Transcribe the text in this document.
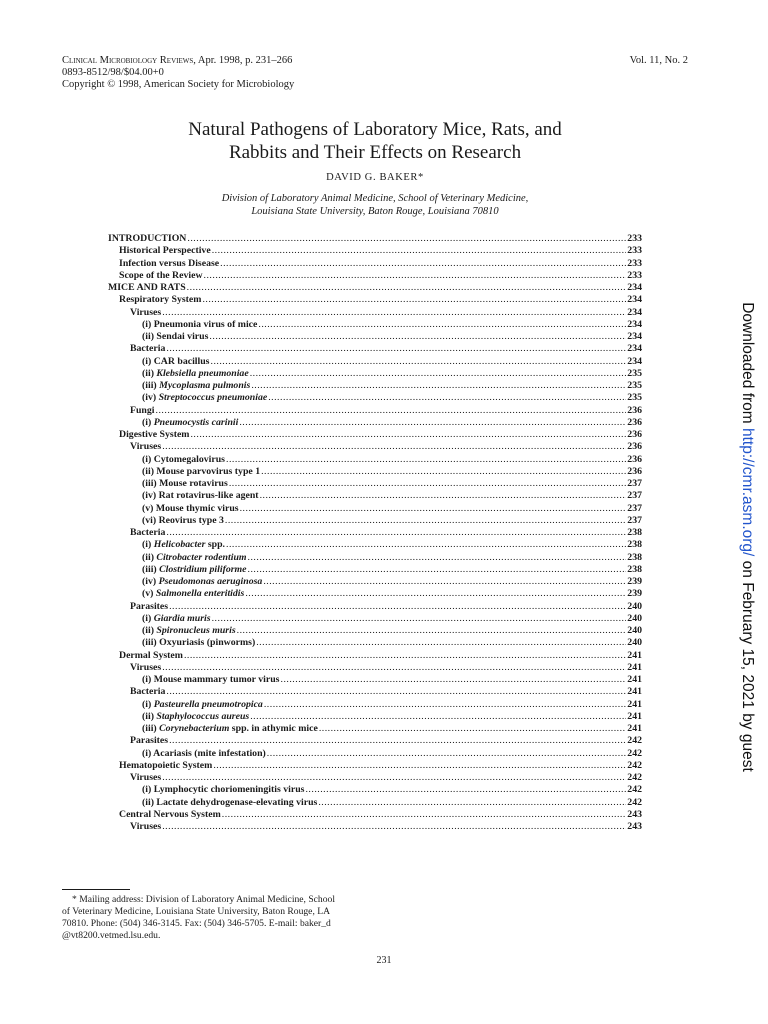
Clinical Microbiology Reviews, Apr. 1998, p. 231–266
0893-8512/98/$04.00+0
Copyright © 1998, American Society for Microbiology
Vol. 11, No. 2
Natural Pathogens of Laboratory Mice, Rats, and
Rabbits and Their Effects on Research
DAVID G. BAKER*
Division of Laboratory Animal Medicine, School of Veterinary Medicine,
Louisiana State University, Baton Rouge, Louisiana 70810
INTRODUCTION .....	233
Historical Perspective .....	233
Infection versus Disease .....	233
Scope of the Review .....	233
MICE AND RATS .....	234
Respiratory System .....	234
Viruses .....	234
(i) Pneumonia virus of mice .....	234
(ii) Sendai virus .....	234
Bacteria .....	234
(i) CAR bacillus .....	234
(ii) Klebsiella pneumoniae .....	235
(iii) Mycoplasma pulmonis .....	235
(iv) Streptococcus pneumoniae .....	235
Fungi .....	236
(i) Pneumocystis carinii .....	236
Digestive System .....	236
Viruses .....	236
(i) Cytomegalovirus .....	236
(ii) Mouse parvovirus type 1 .....	236
(iii) Mouse rotavirus .....	237
(iv) Rat rotavirus-like agent .....	237
(v) Mouse thymic virus .....	237
(vi) Reovirus type 3 .....	237
Bacteria .....	238
(i) Helicobacter spp. .....	238
(ii) Citrobacter rodentium .....	238
(iii) Clostridium piliforme .....	238
(iv) Pseudomonas aeruginosa .....	239
(v) Salmonella enteritidis .....	239
Parasites .....	240
(i) Giardia muris .....	240
(ii) Spironucleus muris .....	240
(iii) Oxyuriasis (pinworms) .....	240
Dermal System .....	241
Viruses .....	241
(i) Mouse mammary tumor virus .....	241
Bacteria .....	241
(i) Pasteurella pneumotropica .....	241
(ii) Staphylococcus aureus .....	241
(iii) Corynebacterium spp. in athymic mice .....	241
Parasites .....	242
(i) Acariasis (mite infestation) .....	242
Hematopoietic System .....	242
Viruses .....	242
(i) Lymphocytic choriomeningitis virus .....	242
(ii) Lactate dehydrogenase-elevating virus .....	242
Central Nervous System .....	243
Viruses .....	243
* Mailing address: Division of Laboratory Animal Medicine, School
of Veterinary Medicine, Louisiana State University, Baton Rouge, LA
70810. Phone: (504) 346-3145. Fax: (504) 346-5705. E-mail: baker_d
@vt8200.vetmed.lsu.edu.
231
Downloaded from http://cmr.asm.org/ on February 15, 2021 by guest
